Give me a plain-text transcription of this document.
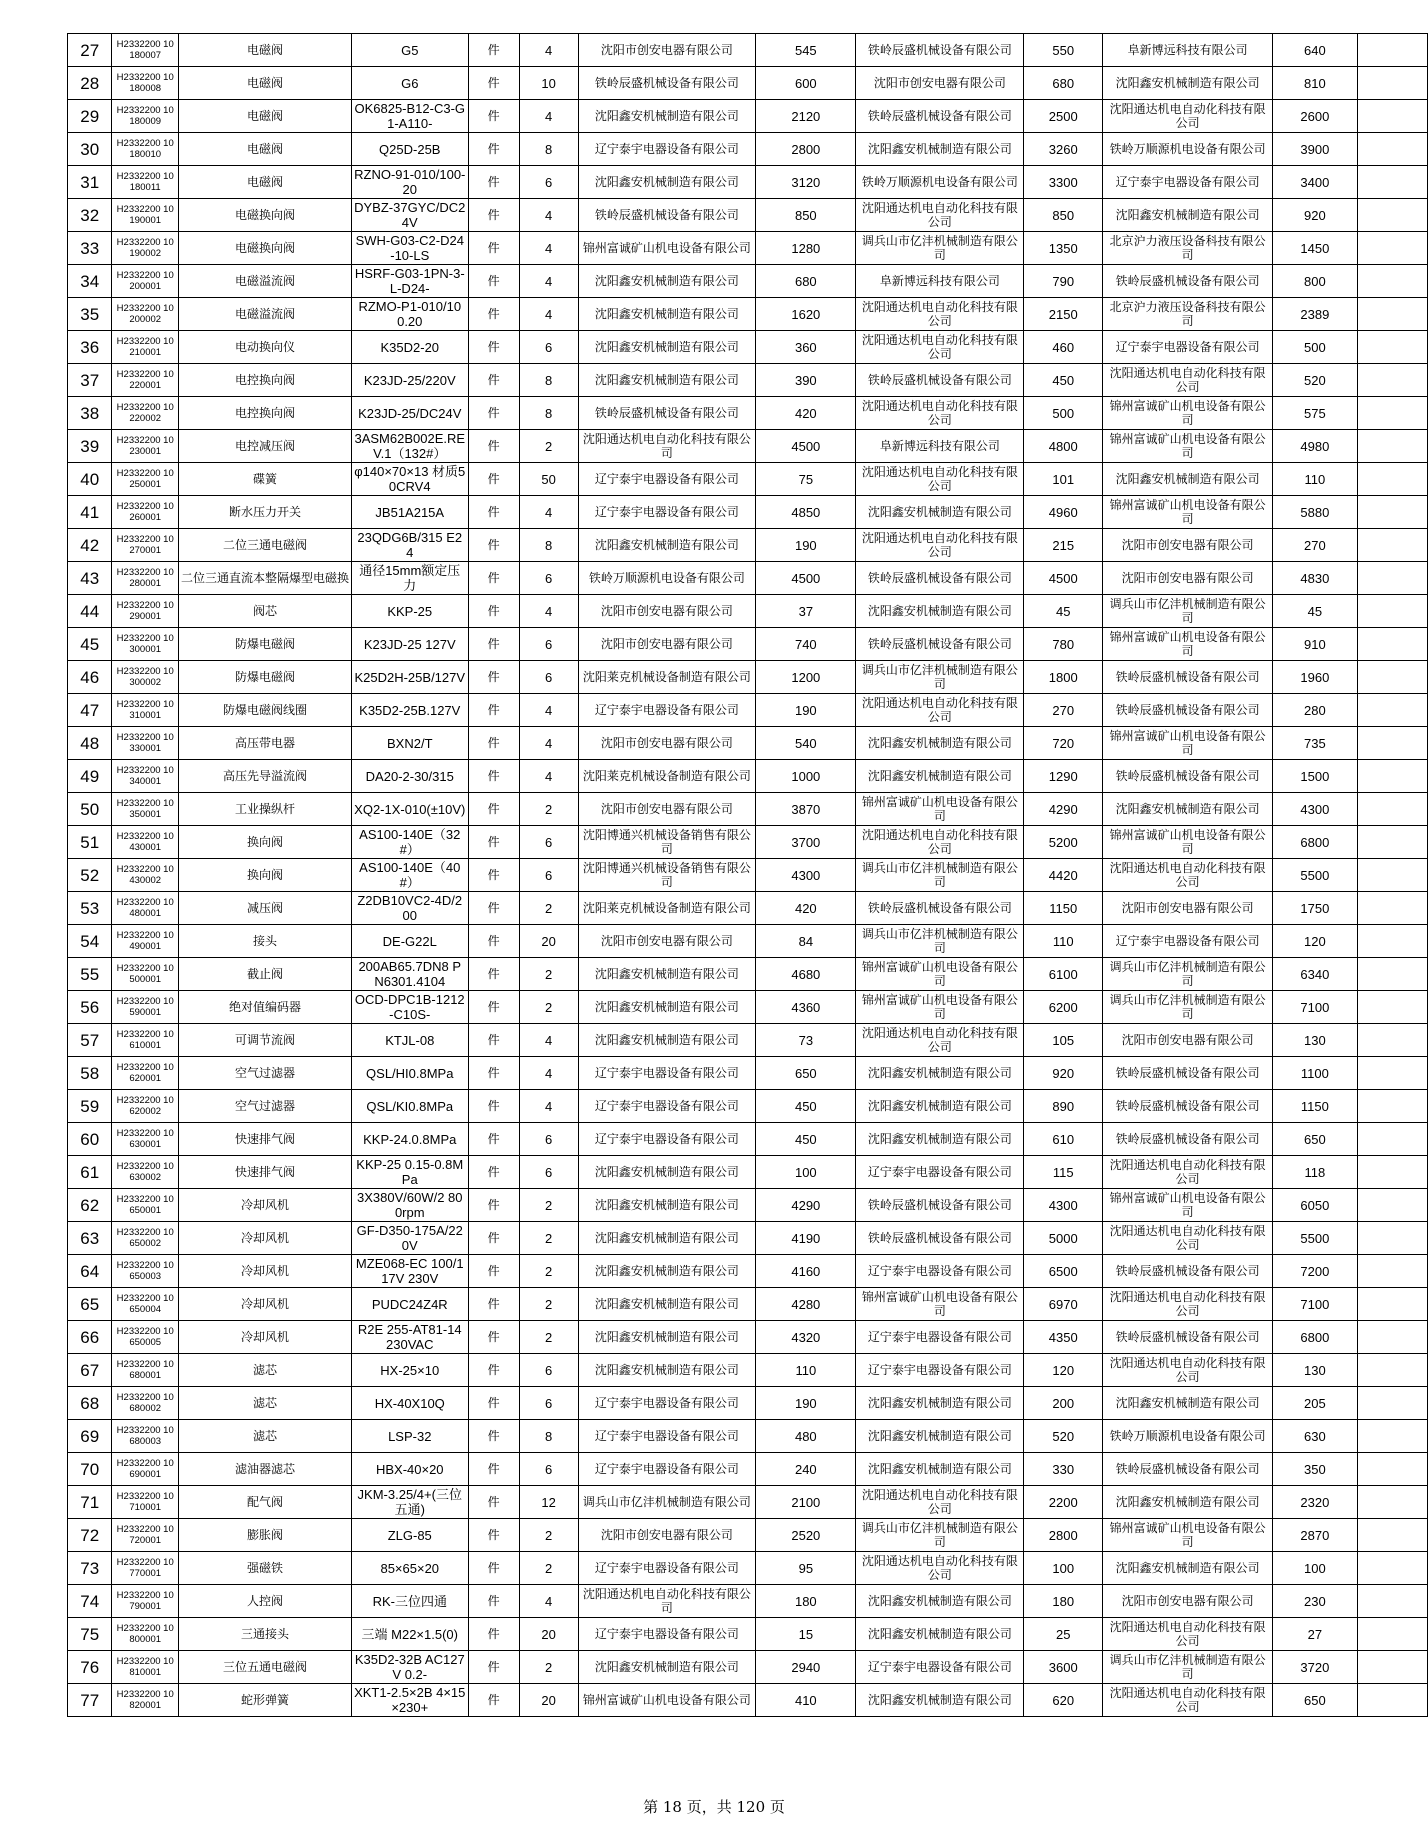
27	H2332200 10180007	电磁阀	G5	件	4	沈阳市创安电器有限公司	545	铁岭辰盛机械设备有限公司	550	阜新博远科技有限公司	640	
28	H2332200 10180008	电磁阀	G6	件	10	铁岭辰盛机械设备有限公司	600	沈阳市创安电器有限公司	680	沈阳鑫安机械制造有限公司	810	
29	H2332200 10180009	电磁阀	OK6825-B12-C3-G1-A110-	件	4	沈阳鑫安机械制造有限公司	2120	铁岭辰盛机械设备有限公司	2500	沈阳通达机电自动化科技有限公司	2600	
30	H2332200 10180010	电磁阀	Q25D-25B	件	8	辽宁泰宇电器设备有限公司	2800	沈阳鑫安机械制造有限公司	3260	铁岭万顺源机电设备有限公司	3900	
31	H2332200 10180011	电磁阀	RZNO-91-010/100-20	件	6	沈阳鑫安机械制造有限公司	3120	铁岭万顺源机电设备有限公司	3300	辽宁泰宇电器设备有限公司	3400	
32	H2332200 10190001	电磁换向阀	DYBZ-37GYC/DC24V	件	4	铁岭辰盛机械设备有限公司	850	沈阳通达机电自动化科技有限公司	850	沈阳鑫安机械制造有限公司	920	
33	H2332200 10190002	电磁换向阀	SWH-G03-C2-D24-10-LS	件	4	锦州富诚矿山机电设备有限公司	1280	调兵山市亿沣机械制造有限公司	1350	北京沪力液压设备科技有限公司	1450	
34	H2332200 10200001	电磁溢流阀	HSRF-G03-1PN-3-L-D24-	件	4	沈阳鑫安机械制造有限公司	680	阜新博远科技有限公司	790	铁岭辰盛机械设备有限公司	800	
35	H2332200 10200002	电磁溢流阀	RZMO-P1-010/100.20	件	4	沈阳鑫安机械制造有限公司	1620	沈阳通达机电自动化科技有限公司	2150	北京沪力液压设备科技有限公司	2389	
36	H2332200 10210001	电动换向仪	K35D2-20	件	6	沈阳鑫安机械制造有限公司	360	沈阳通达机电自动化科技有限公司	460	辽宁泰宇电器设备有限公司	500	
37	H2332200 10220001	电控换向阀	K23JD-25/220V	件	8	沈阳鑫安机械制造有限公司	390	铁岭辰盛机械设备有限公司	450	沈阳通达机电自动化科技有限公司	520	
38	H2332200 10220002	电控换向阀	K23JD-25/DC24V	件	8	铁岭辰盛机械设备有限公司	420	沈阳通达机电自动化科技有限公司	500	锦州富诚矿山机电设备有限公司	575	
39	H2332200 10230001	电控减压阀	3ASM62B002E.REV.1（132#）	件	2	沈阳通达机电自动化科技有限公司	4500	阜新博远科技有限公司	4800	锦州富诚矿山机电设备有限公司	4980	
40	H2332200 10250001	碟簧	φ140×70×13 材质50CRV4	件	50	辽宁泰宇电器设备有限公司	75	沈阳通达机电自动化科技有限公司	101	沈阳鑫安机械制造有限公司	110	
41	H2332200 10260001	断水压力开关	JB51A215A	件	4	辽宁泰宇电器设备有限公司	4850	沈阳鑫安机械制造有限公司	4960	锦州富诚矿山机电设备有限公司	5880	
42	H2332200 10270001	二位三通电磁阀	23QDG6B/315 E24	件	8	沈阳鑫安机械制造有限公司	190	沈阳通达机电自动化科技有限公司	215	沈阳市创安电器有限公司	270	
43	H2332200 10280001	二位三通直流本整隔爆型电磁换	通径15mm额定压力	件	6	铁岭万顺源机电设备有限公司	4500	铁岭辰盛机械设备有限公司	4500	沈阳市创安电器有限公司	4830	
44	H2332200 10290001	阀芯	KKP-25	件	4	沈阳市创安电器有限公司	37	沈阳鑫安机械制造有限公司	45	调兵山市亿沣机械制造有限公司	45	
45	H2332200 10300001	防爆电磁阀	K23JD-25 127V	件	6	沈阳市创安电器有限公司	740	铁岭辰盛机械设备有限公司	780	锦州富诚矿山机电设备有限公司	910	
46	H2332200 10300002	防爆电磁阀	K25D2H-25B/127V	件	6	沈阳莱克机械设备制造有限公司	1200	调兵山市亿沣机械制造有限公司	1800	铁岭辰盛机械设备有限公司	1960	
47	H2332200 10310001	防爆电磁阀线圈	K35D2-25B.127V	件	4	辽宁泰宇电器设备有限公司	190	沈阳通达机电自动化科技有限公司	270	铁岭辰盛机械设备有限公司	280	
48	H2332200 10330001	高压带电器	BXN2/T	件	4	沈阳市创安电器有限公司	540	沈阳鑫安机械制造有限公司	720	锦州富诚矿山机电设备有限公司	735	
49	H2332200 10340001	高压先导溢流阀	DA20-2-30/315	件	4	沈阳莱克机械设备制造有限公司	1000	沈阳鑫安机械制造有限公司	1290	铁岭辰盛机械设备有限公司	1500	
50	H2332200 10350001	工业操纵杆	XQ2-1X-010(±10V)	件	2	沈阳市创安电器有限公司	3870	锦州富诚矿山机电设备有限公司	4290	沈阳鑫安机械制造有限公司	4300	
51	H2332200 10430001	换向阀	AS100-140E（32#）	件	6	沈阳博通兴机械设备销售有限公司	3700	沈阳通达机电自动化科技有限公司	5200	锦州富诚矿山机电设备有限公司	6800	
52	H2332200 10430002	换向阀	AS100-140E（40#）	件	6	沈阳博通兴机械设备销售有限公司	4300	调兵山市亿沣机械制造有限公司	4420	沈阳通达机电自动化科技有限公司	5500	
53	H2332200 10480001	减压阀	Z2DB10VC2-4D/200	件	2	沈阳莱克机械设备制造有限公司	420	铁岭辰盛机械设备有限公司	1150	沈阳市创安电器有限公司	1750	
54	H2332200 10490001	接头	DE-G22L	件	20	沈阳市创安电器有限公司	84	调兵山市亿沣机械制造有限公司	110	辽宁泰宇电器设备有限公司	120	
55	H2332200 10500001	截止阀	200AB65.7DN8 PN6301.4104	件	2	沈阳鑫安机械制造有限公司	4680	锦州富诚矿山机电设备有限公司	6100	调兵山市亿沣机械制造有限公司	6340	
56	H2332200 10590001	绝对值编码器	OCD-DPC1B-1212-C10S-	件	2	沈阳鑫安机械制造有限公司	4360	锦州富诚矿山机电设备有限公司	6200	调兵山市亿沣机械制造有限公司	7100	
57	H2332200 10610001	可调节流阀	KTJL-08	件	4	沈阳鑫安机械制造有限公司	73	沈阳通达机电自动化科技有限公司	105	沈阳市创安电器有限公司	130	
58	H2332200 10620001	空气过滤器	QSL/HI0.8MPa	件	4	辽宁泰宇电器设备有限公司	650	沈阳鑫安机械制造有限公司	920	铁岭辰盛机械设备有限公司	1100	
59	H2332200 10620002	空气过滤器	QSL/KI0.8MPa	件	4	辽宁泰宇电器设备有限公司	450	沈阳鑫安机械制造有限公司	890	铁岭辰盛机械设备有限公司	1150	
60	H2332200 10630001	快速排气阀	KKP-24.0.8MPa	件	6	辽宁泰宇电器设备有限公司	450	沈阳鑫安机械制造有限公司	610	铁岭辰盛机械设备有限公司	650	
61	H2332200 10630002	快速排气阀	KKP-25 0.15-0.8MPa	件	6	沈阳鑫安机械制造有限公司	100	辽宁泰宇电器设备有限公司	115	沈阳通达机电自动化科技有限公司	118	
62	H2332200 10650001	冷却风机	3X380V/60W/2 800rpm	件	2	沈阳鑫安机械制造有限公司	4290	铁岭辰盛机械设备有限公司	4300	锦州富诚矿山机电设备有限公司	6050	
63	H2332200 10650002	冷却风机	GF-D350-175A/220V	件	2	沈阳鑫安机械制造有限公司	4190	铁岭辰盛机械设备有限公司	5000	沈阳通达机电自动化科技有限公司	5500	
64	H2332200 10650003	冷却风机	MZE068-EC 100/117V 230V	件	2	沈阳鑫安机械制造有限公司	4160	辽宁泰宇电器设备有限公司	6500	铁岭辰盛机械设备有限公司	7200	
65	H2332200 10650004	冷却风机	PUDC24Z4R	件	2	沈阳鑫安机械制造有限公司	4280	锦州富诚矿山机电设备有限公司	6970	沈阳通达机电自动化科技有限公司	7100	
66	H2332200 10650005	冷却风机	R2E 255-AT81-14 230VAC	件	2	沈阳鑫安机械制造有限公司	4320	辽宁泰宇电器设备有限公司	4350	铁岭辰盛机械设备有限公司	6800	
67	H2332200 10680001	滤芯	HX-25×10	件	6	沈阳鑫安机械制造有限公司	110	辽宁泰宇电器设备有限公司	120	沈阳通达机电自动化科技有限公司	130	
68	H2332200 10680002	滤芯	HX-40X10Q	件	6	辽宁泰宇电器设备有限公司	190	沈阳鑫安机械制造有限公司	200	沈阳鑫安机械制造有限公司	205	
69	H2332200 10680003	滤芯	LSP-32	件	8	辽宁泰宇电器设备有限公司	480	沈阳鑫安机械制造有限公司	520	铁岭万顺源机电设备有限公司	630	
70	H2332200 10690001	滤油器滤芯	HBX-40×20	件	6	辽宁泰宇电器设备有限公司	240	沈阳鑫安机械制造有限公司	330	铁岭辰盛机械设备有限公司	350	
71	H2332200 10710001	配气阀	JKM-3.25/4+(三位五通)	件	12	调兵山市亿沣机械制造有限公司	2100	沈阳通达机电自动化科技有限公司	2200	沈阳鑫安机械制造有限公司	2320	
72	H2332200 10720001	膨胀阀	ZLG-85	件	2	沈阳市创安电器有限公司	2520	调兵山市亿沣机械制造有限公司	2800	锦州富诚矿山机电设备有限公司	2870	
73	H2332200 10770001	强磁铁	85×65×20	件	2	辽宁泰宇电器设备有限公司	95	沈阳通达机电自动化科技有限公司	100	沈阳鑫安机械制造有限公司	100	
74	H2332200 10790001	人控阀	RK-三位四通	件	4	沈阳通达机电自动化科技有限公司	180	沈阳鑫安机械制造有限公司	180	沈阳市创安电器有限公司	230	
75	H2332200 10800001	三通接头	三端 M22×1.5(0)	件	20	辽宁泰宇电器设备有限公司	15	沈阳鑫安机械制造有限公司	25	沈阳通达机电自动化科技有限公司	27	
76	H2332200 10810001	三位五通电磁阀	K35D2-32B AC127V 0.2-	件	2	沈阳鑫安机械制造有限公司	2940	辽宁泰宇电器设备有限公司	3600	调兵山市亿沣机械制造有限公司	3720	
77	H2332200 10820001	蛇形弹簧	XKT1-2.5×2B 4×15×230+	件	20	锦州富诚矿山机电设备有限公司	410	沈阳鑫安机械制造有限公司	620	沈阳通达机电自动化科技有限公司	650	
第 18 页，共 120 页
